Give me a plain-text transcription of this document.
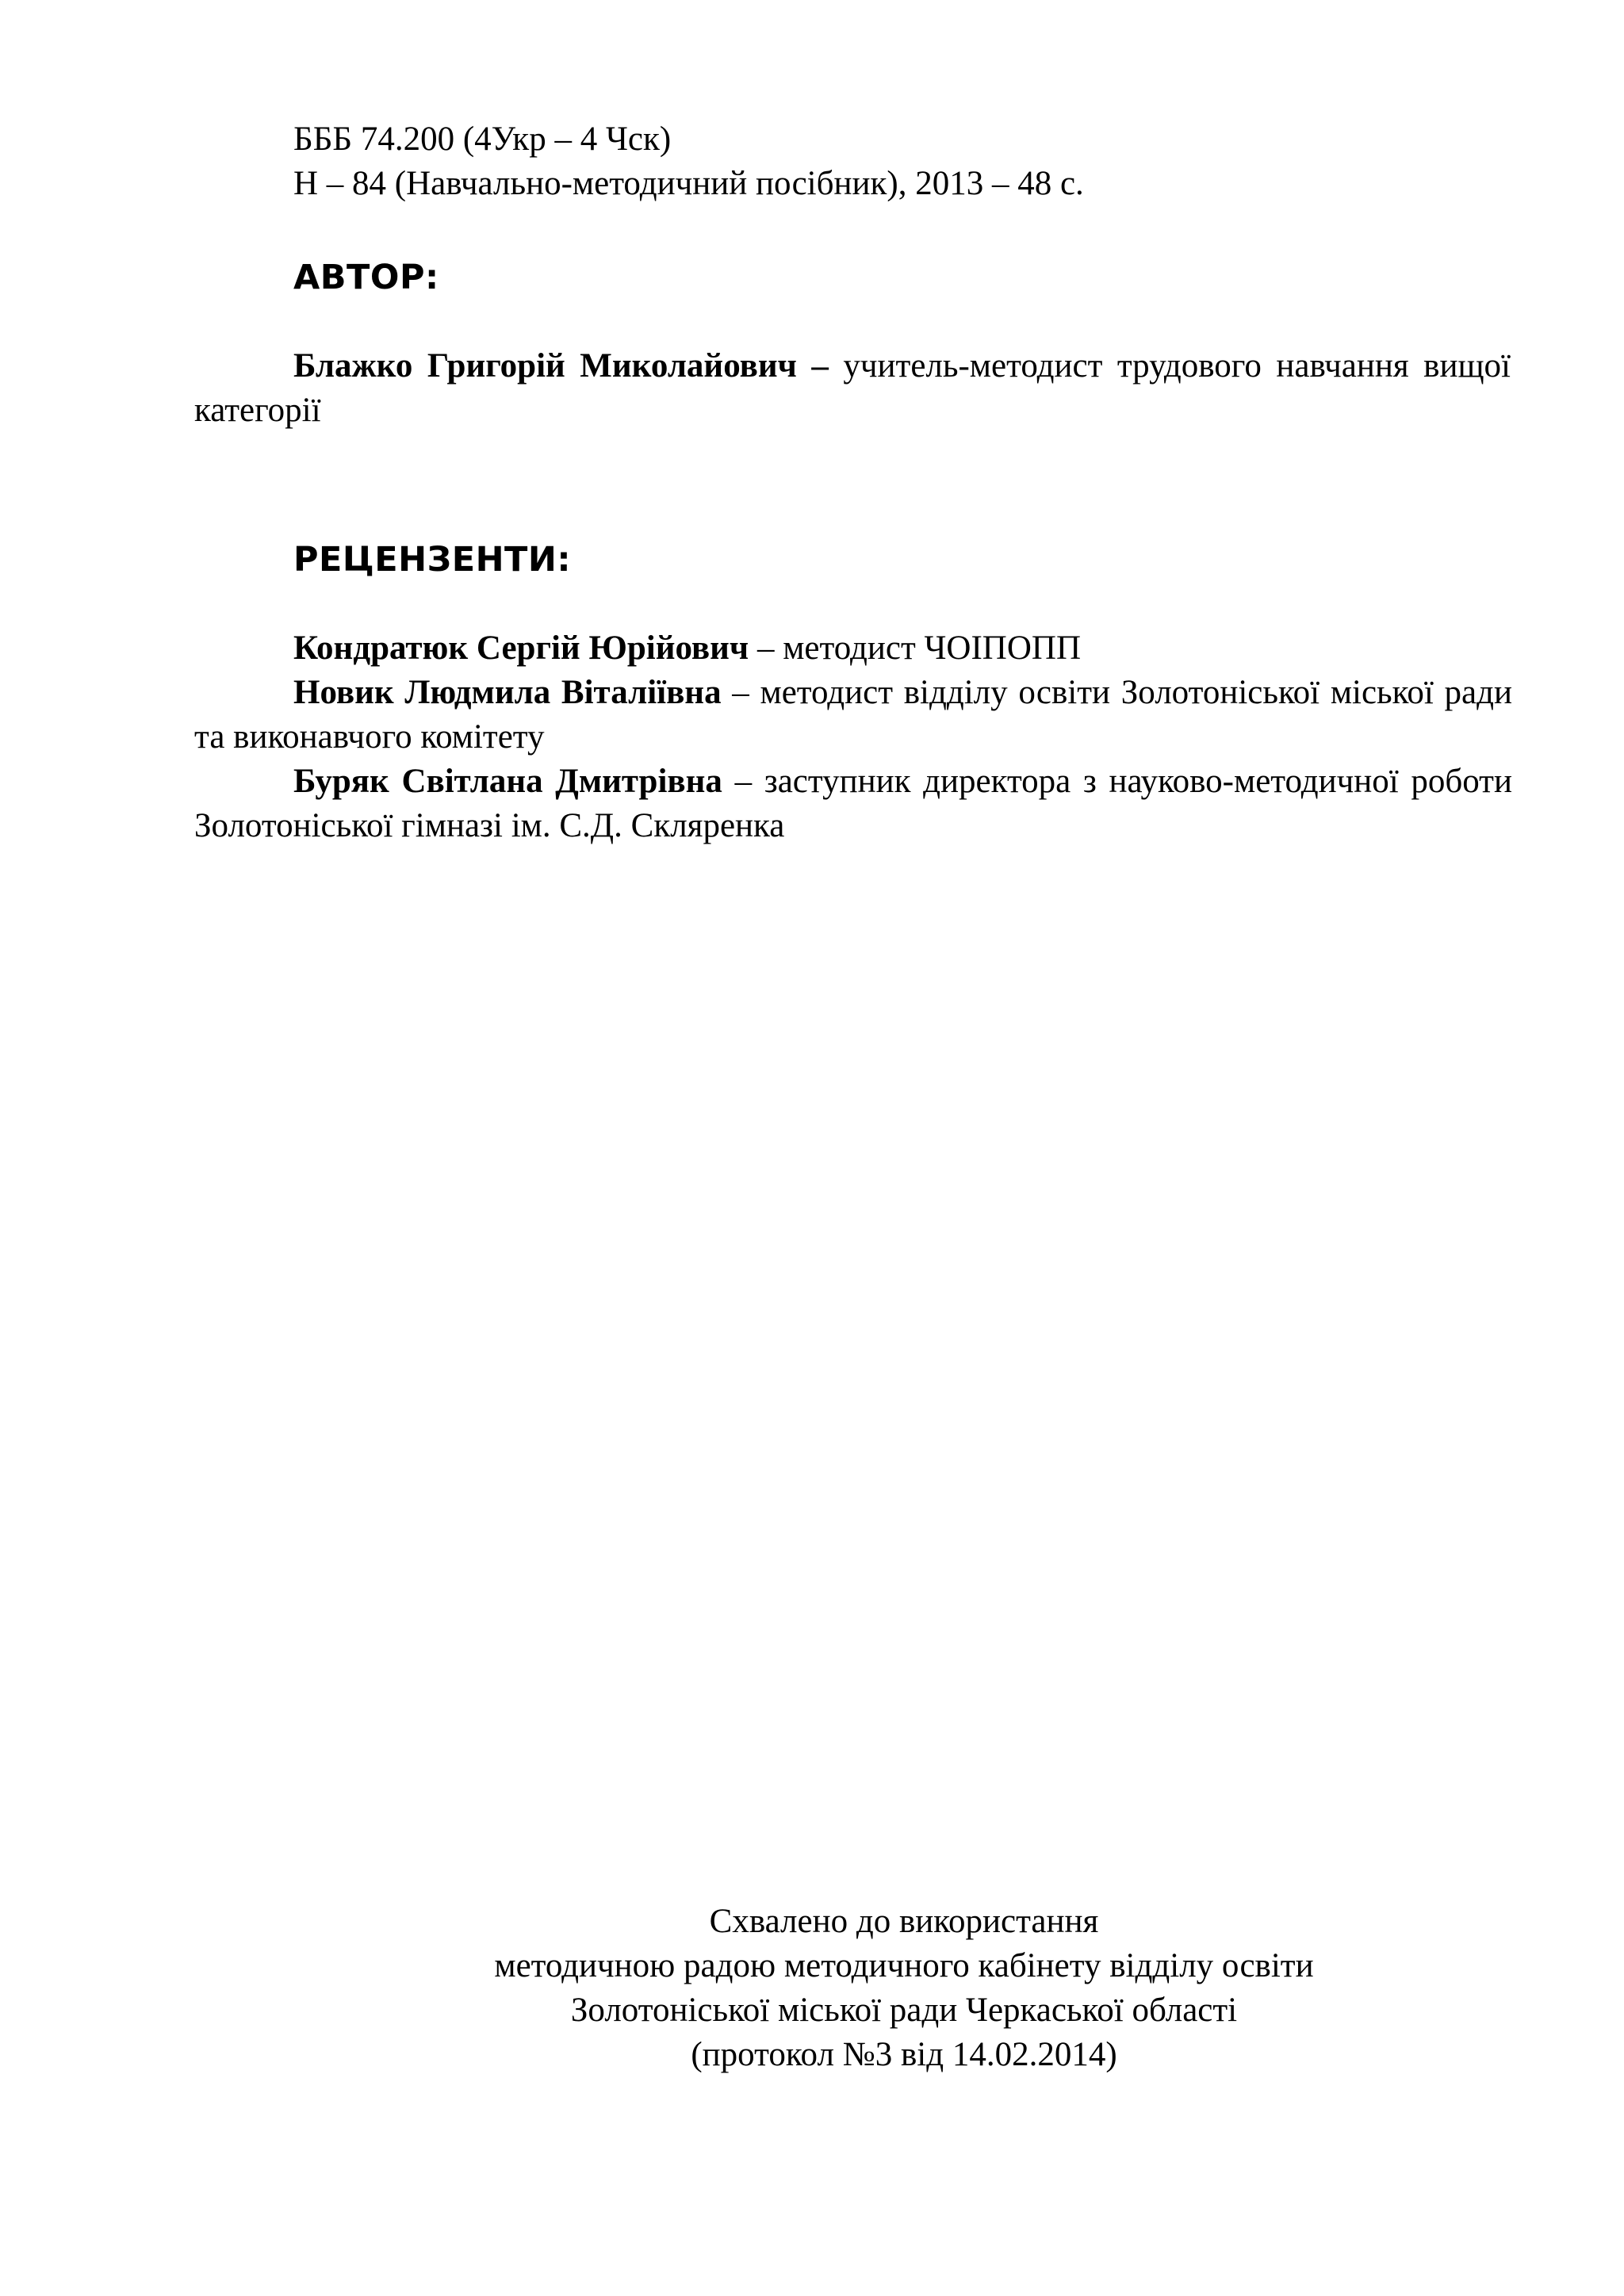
БББ 74.200 (4Укр – 4 Чск)
Н – 84 (Навчально-методичний посібник), 2013 – 48 с.
АВТОР:

Блажко Григорій Миколайович – учитель-методист трудового навчання вищої категорії

РЕЦЕНЗЕНТИ:

Кондратюк Сергій Юрійович – методист ЧОІПОПП

Новик Людмила Віталіївна – методист відділу освіти Золотоніської міської ради та виконавчого комітету

Буряк Світлана Дмитрівна – заступник директора з науково-методичної роботи Золотоніської гімназі ім. С.Д. Скляренка

Схвалено до використання
методичною радою методичного кабінету відділу освіти
Золотоніської міської ради Черкаської області
(протокол №3 від 14.02.2014)
